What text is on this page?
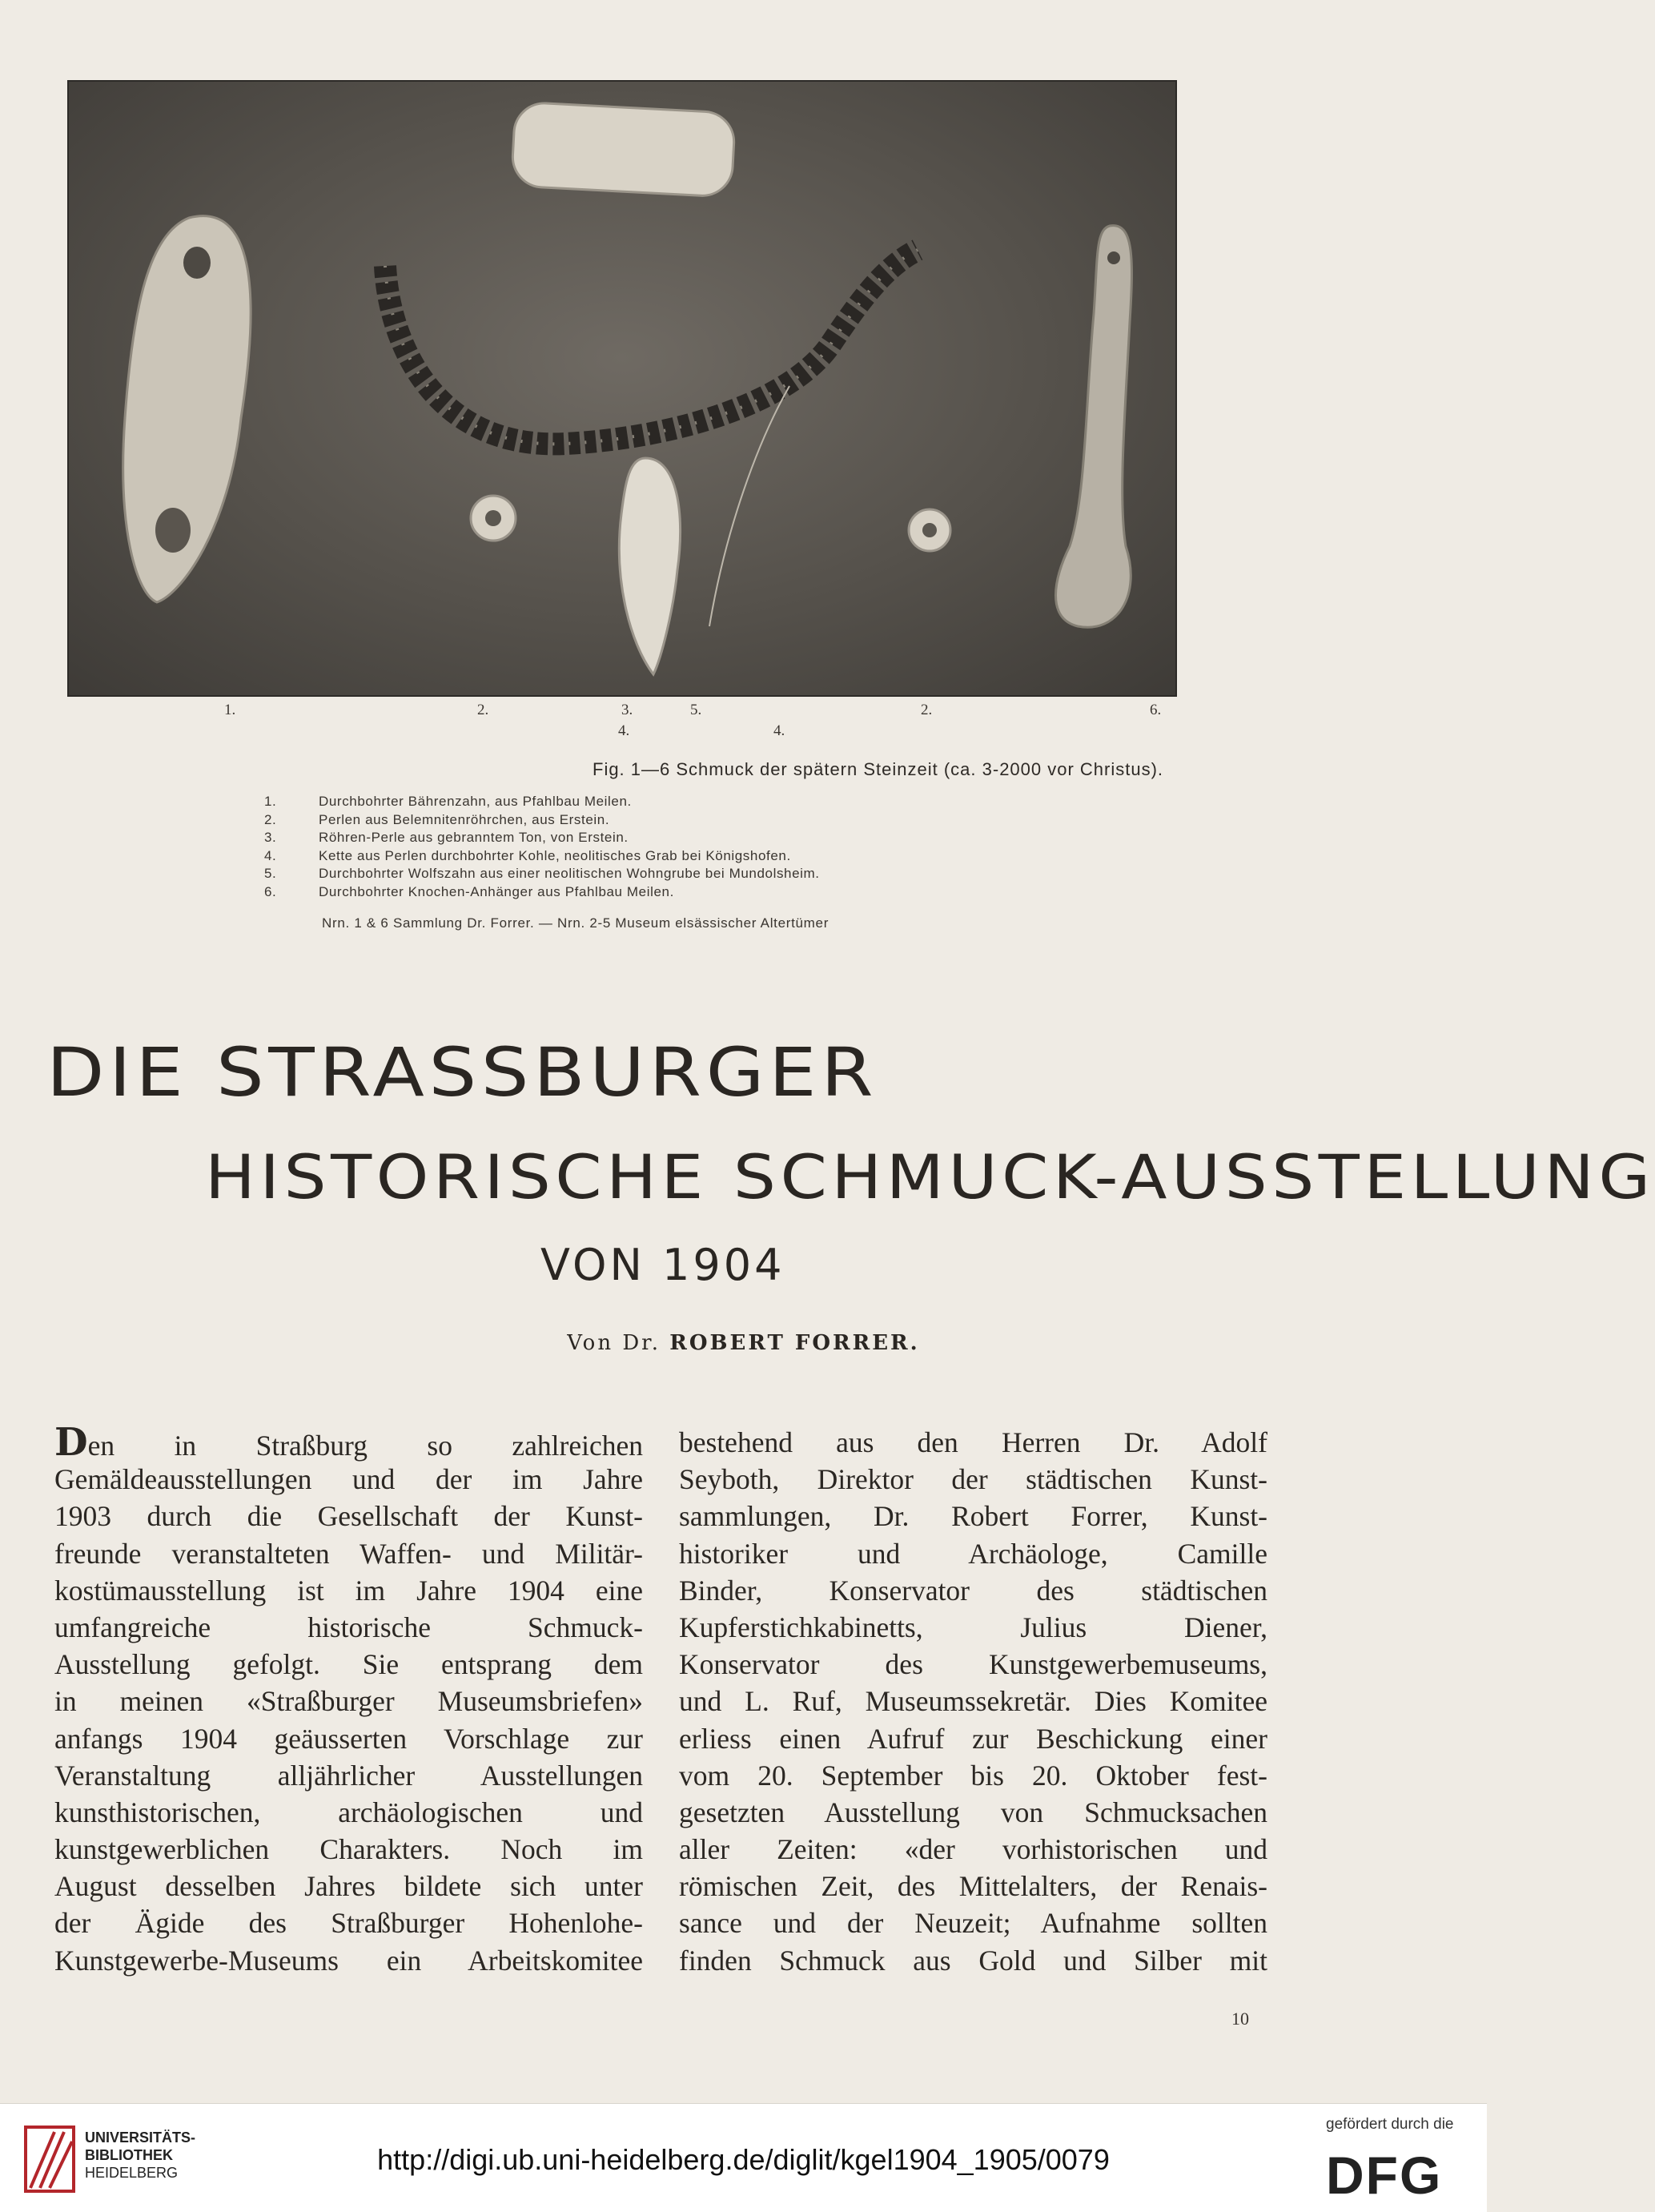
1.	2.	3.	5.	2.	6.
4.	4.
Fig. 1—6 Schmuck der spätern Steinzeit (ca. 3-2000 vor Christus).
1.	Durchbohrter Bährenzahn, aus Pfahlbau Meilen.
2.	Perlen aus Belemnitenröhrchen, aus Erstein.
3.	Röhren-Perle aus gebranntem Ton, von Erstein.
4.	Kette aus Perlen durchbohrter Kohle, neolitisches Grab bei Königshofen.
5.	Durchbohrter Wolfszahn aus einer neolitischen Wohngrube bei Mundolsheim.
6.	Durchbohrter Knochen-Anhänger aus Pfahlbau Meilen.
Nrn. 1 & 6 Sammlung Dr. Forrer. — Nrn. 2-5 Museum elsässischer Altertümer
DIE STRASSBURGER
HISTORISCHE SCHMUCK-AUSSTELLUNG
VON 1904
Von Dr. ROBERT FORRER.
Den in Straßburg so zahlreichen
Gemäldeausstellungen und der im Jahre
1903 durch die Gesellschaft der Kunst-
freunde veranstalteten Waffen- und Militär-
kostümausstellung ist im Jahre 1904 eine
umfangreiche historische Schmuck-
Ausstellung gefolgt. Sie entsprang dem
in meinen «Straßburger Museumsbriefen»
anfangs 1904 geäusserten Vorschlage zur
Veranstaltung alljährlicher Ausstellungen
kunsthistorischen, archäologischen und
kunstgewerblichen Charakters. Noch im
August desselben Jahres bildete sich unter
der Ägide des Straßburger Hohenlohe-
Kunstgewerbe-Museums ein Arbeitskomitee
bestehend aus den Herren Dr. Adolf
Seyboth, Direktor der städtischen Kunst-
sammlungen, Dr. Robert Forrer, Kunst-
historiker und Archäologe, Camille
Binder, Konservator des städtischen
Kupferstichkabinetts, Julius Diener,
Konservator des Kunstgewerbemuseums,
und L. Ruf, Museumssekretär. Dies Komitee
erliess einen Aufruf zur Beschickung einer
vom 20. September bis 20. Oktober fest-
gesetzten Ausstellung von Schmucksachen
aller Zeiten: «der vorhistorischen und
römischen Zeit, des Mittelalters, der Renais-
sance und der Neuzeit; Aufnahme sollten
finden Schmuck aus Gold und Silber mit
10
UNIVERSITÄTS-
BIBLIOTHEK
HEIDELBERG	http://digi.ub.uni-heidelberg.de/diglit/kgel1904_1905/0079
gefördert durch die
DFG
